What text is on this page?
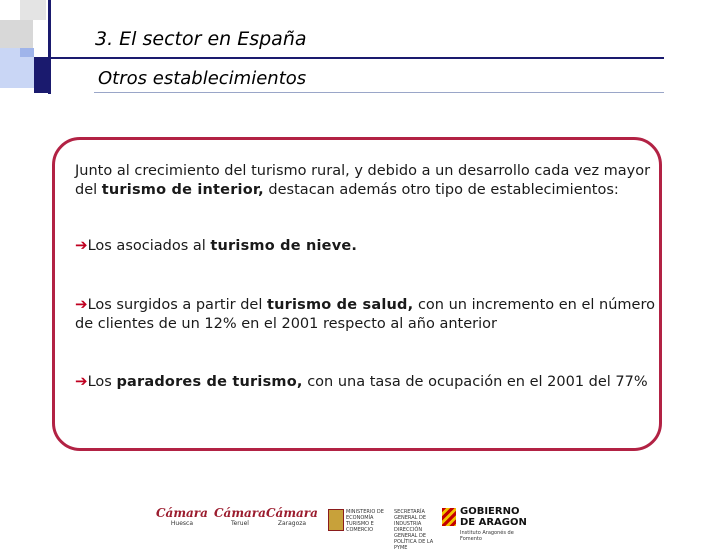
3. El sector en España
Otros establecimientos
Junto al crecimiento del turismo rural, y debido a un desarrollo cada vez mayor del turismo de interior, destacan además otro tipo de establecimientos:
➔Los asociados al turismo de nieve.
➔Los surgidos a partir del turismo de salud, con un incremento en el número de clientes de un 12% en el 2001 respecto al año anterior
➔Los paradores de turismo, con una tasa de ocupación en el 2001 del 77%
Cámara
Huesca
Cámara
Teruel
Cámara
Zaragoza
MINISTERIO DE ECONOMÍA TURISMO E COMERCIO
SECRETARÍA GENERAL DE INDUSTRIA DIRECCIÓN GENERAL DE POLÍTICA DE LA PYME
GOBIERNO
DE ARAGON
Instituto Aragonés de Fomento
